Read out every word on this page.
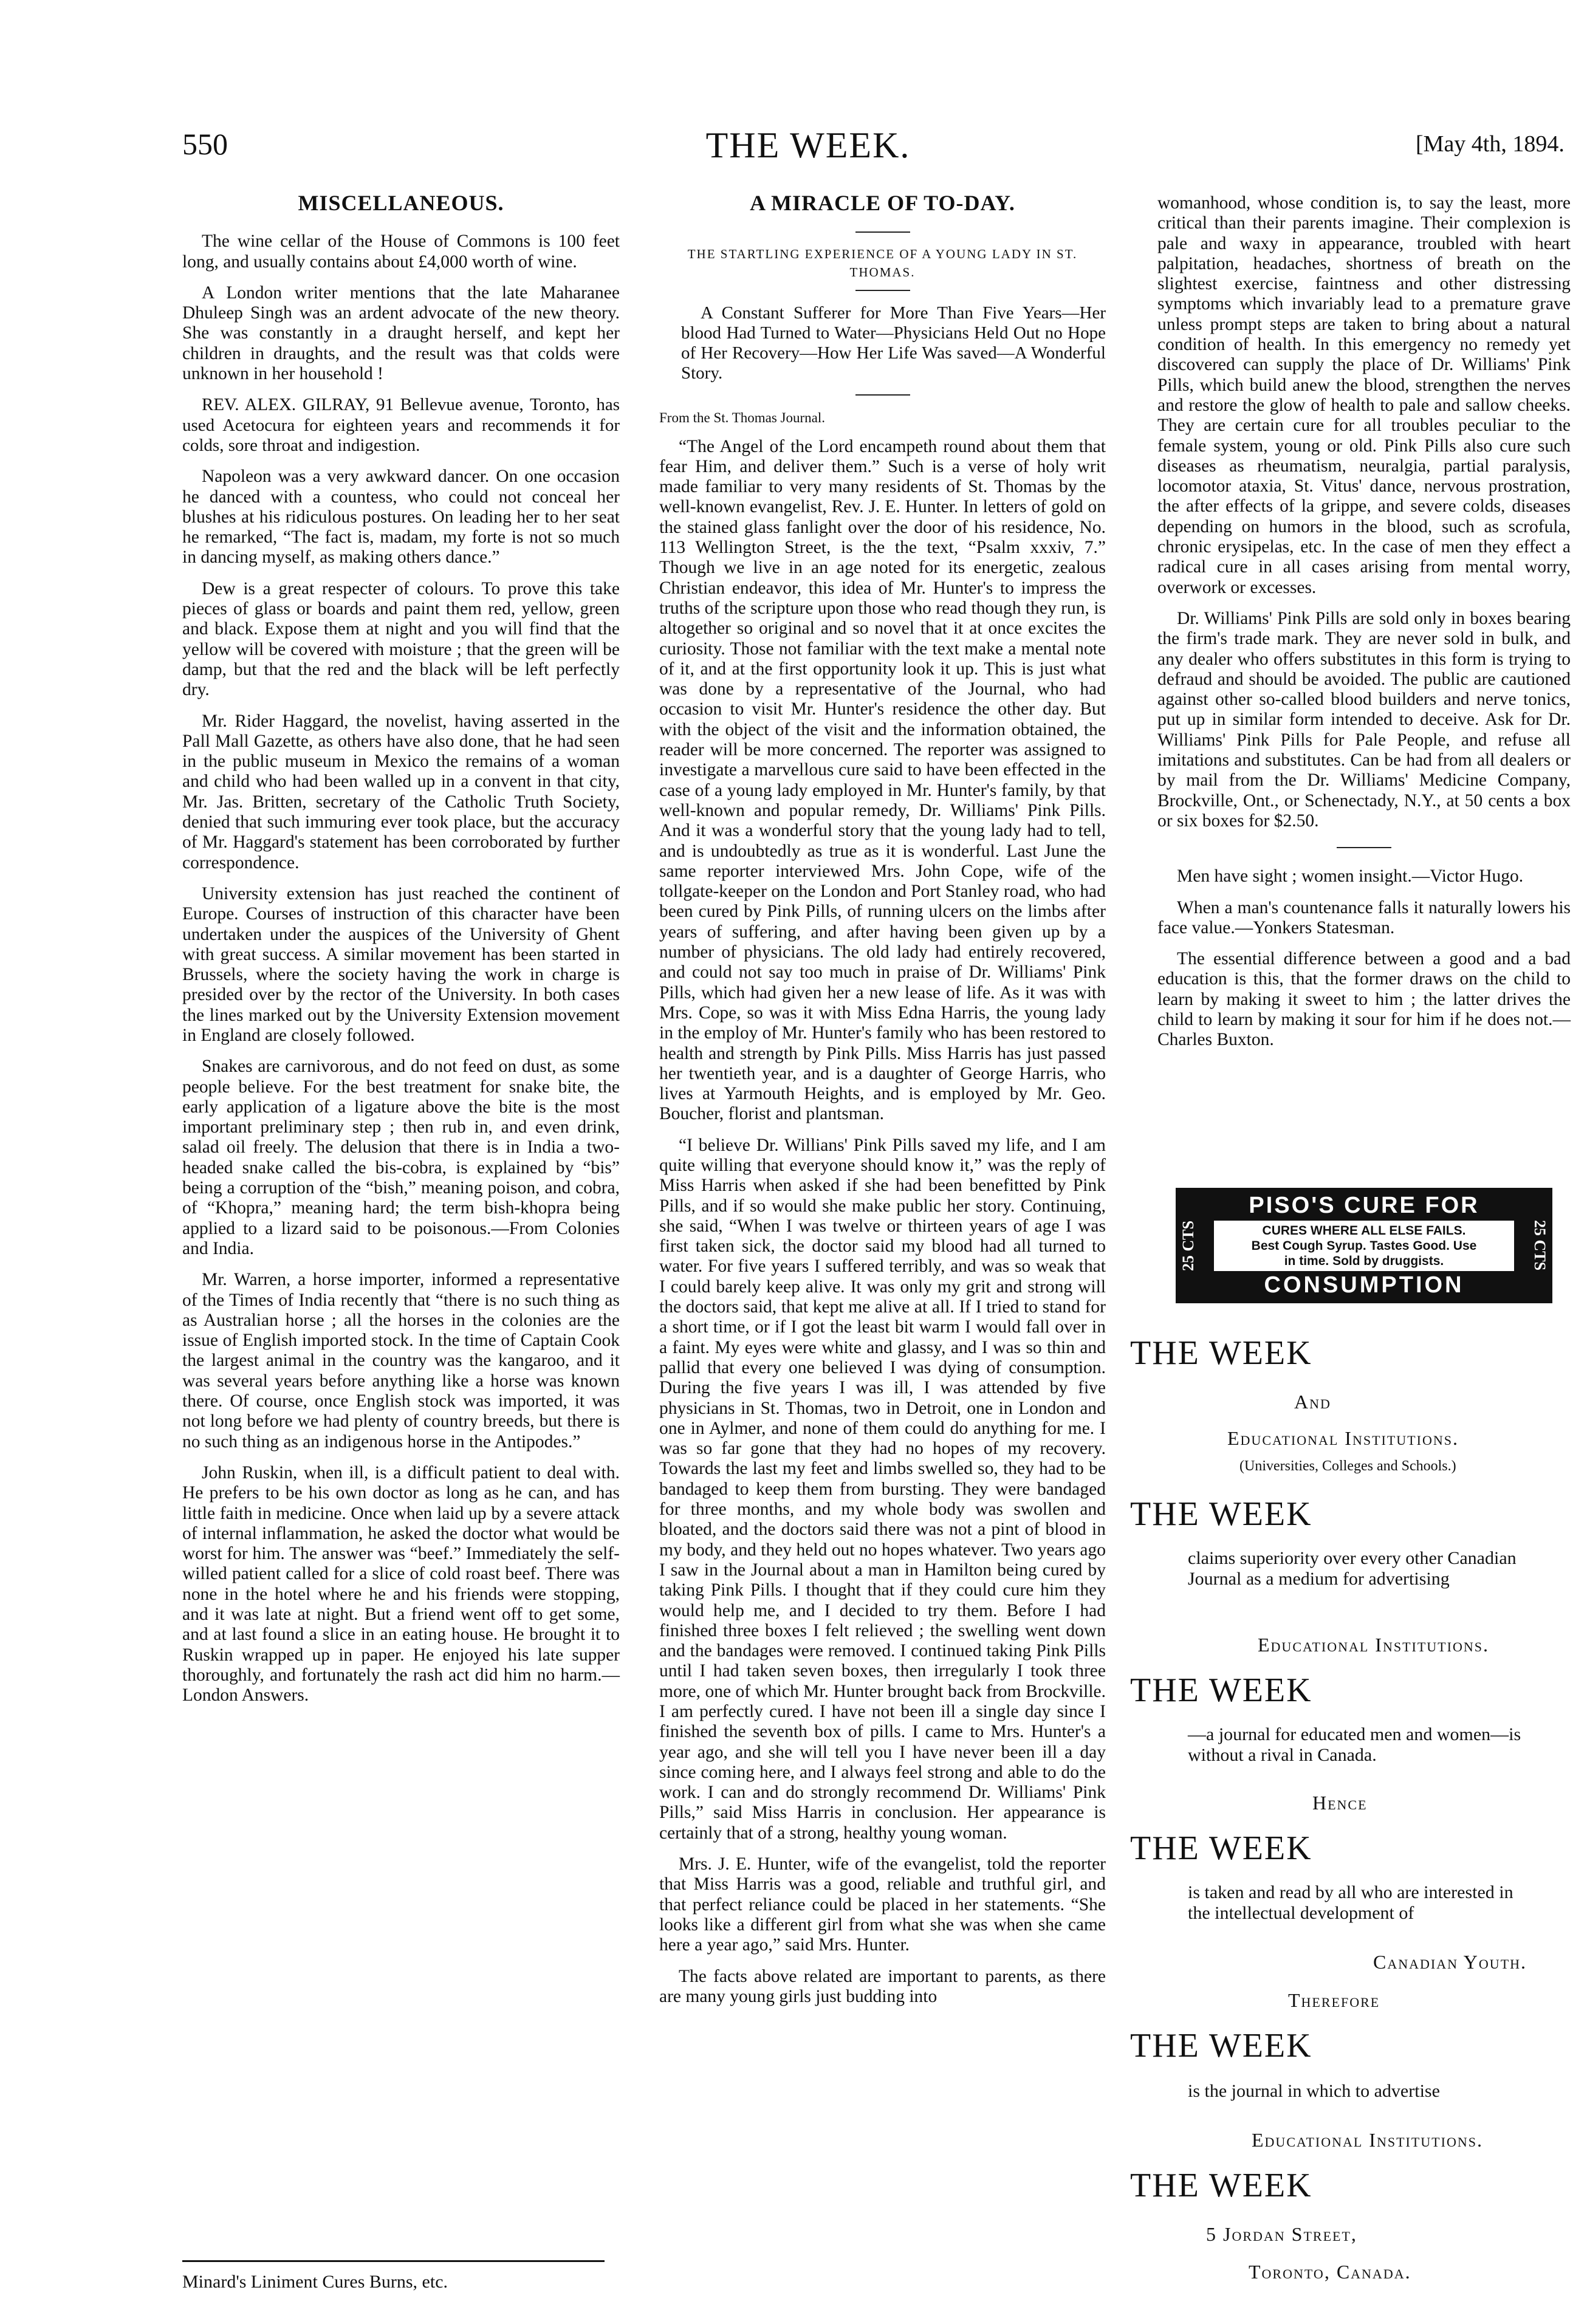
550	THE WEEK.	[May 4th, 1894.
MISCELLANEOUS.

The wine cellar of the House of Commons is 100 feet long, and usually contains about £4,000 worth of wine.

A London writer mentions that the late Maharanee Dhuleep Singh was an ardent advocate of the new theory. She was constantly in a draught herself, and kept her children in draughts, and the result was that colds were unknown in her household !

REV. ALEX. GILRAY, 91 Bellevue avenue, Toronto, has used Acetocura for eighteen years and recommends it for colds, sore throat and indigestion.

Napoleon was a very awkward dancer. On one occasion he danced with a countess, who could not conceal her blushes at his ridiculous postures. On leading her to her seat he remarked, “The fact is, madam, my forte is not so much in dancing myself, as making others dance.”

Dew is a great respecter of colours. To prove this take pieces of glass or boards and paint them red, yellow, green and black. Expose them at night and you will find that the yellow will be covered with moisture ; that the green will be damp, but that the red and the black will be left perfectly dry.

Mr. Rider Haggard, the novelist, having asserted in the Pall Mall Gazette, as others have also done, that he had seen in the public museum in Mexico the remains of a woman and child who had been walled up in a convent in that city, Mr. Jas. Britten, secretary of the Catholic Truth Society, denied that such immuring ever took place, but the accuracy of Mr. Haggard's statement has been corroborated by further correspondence.

University extension has just reached the continent of Europe. Courses of instruction of this character have been undertaken under the auspices of the University of Ghent with great success. A similar movement has been started in Brussels, where the society having the work in charge is presided over by the rector of the University. In both cases the lines marked out by the University Extension movement in England are closely followed.

Snakes are carnivorous, and do not feed on dust, as some people believe. For the best treatment for snake bite, the early application of a ligature above the bite is the most important preliminary step ; then rub in, and even drink, salad oil freely. The delusion that there is in India a two-headed snake called the bis-cobra, is explained by “bis” being a corruption of the “bish,” meaning poison, and cobra, of “Khopra,” meaning hard; the term bish-khopra being applied to a lizard said to be poisonous.—From Colonies and India.

Mr. Warren, a horse importer, informed a representative of the Times of India recently that “there is no such thing as as Australian horse ; all the horses in the colonies are the issue of English imported stock. In the time of Captain Cook the largest animal in the country was the kangaroo, and it was several years before anything like a horse was known there. Of course, once English stock was imported, it was not long before we had plenty of country breeds, but there is no such thing as an indigenous horse in the Antipodes.”

John Ruskin, when ill, is a difficult patient to deal with. He prefers to be his own doctor as long as he can, and has little faith in medicine. Once when laid up by a severe attack of internal inflammation, he asked the doctor what would be worst for him. The answer was “beef.” Immediately the self-willed patient called for a slice of cold roast beef. There was none in the hotel where he and his friends were stopping, and it was late at night. But a friend went off to get some, and at last found a slice in an eating house. He brought it to Ruskin wrapped up in paper. He enjoyed his late supper thoroughly, and fortunately the rash act did him no harm.—London Answers.

Minard's Liniment Cures Burns, etc.
A MIRACLE OF TO-DAY.
THE STARTLING EXPERIENCE OF A YOUNG LADY IN ST. THOMAS.

A Constant Sufferer for More Than Five Years—Her blood Had Turned to Water—Physicians Held Out no Hope of Her Recovery—How Her Life Was saved—A Wonderful Story.

From the St. Thomas Journal.

“The Angel of the Lord encampeth round about them that fear Him, and deliver them.” Such is a verse of holy writ made familiar to very many residents of St. Thomas by the well-known evangelist, Rev. J. E. Hunter. In letters of gold on the stained glass fanlight over the door of his residence, No. 113 Wellington Street, is the the text, “Psalm xxxiv, 7.” Though we live in an age noted for its energetic, zealous Christian endeavor, this idea of Mr. Hunter's to impress the truths of the scripture upon those who read though they run, is altogether so original and so novel that it at once excites the curiosity. Those not familiar with the text make a mental note of it, and at the first opportunity look it up. This is just what was done by a representative of the Journal, who had occasion to visit Mr. Hunter's residence the other day. But with the object of the visit and the information obtained, the reader will be more concerned. The reporter was assigned to investigate a marvellous cure said to have been effected in the case of a young lady employed in Mr. Hunter's family, by that well-known and popular remedy, Dr. Williams' Pink Pills. And it was a wonderful story that the young lady had to tell, and is undoubtedly as true as it is wonderful. Last June the same reporter interviewed Mrs. John Cope, wife of the tollgate-keeper on the London and Port Stanley road, who had been cured by Pink Pills, of running ulcers on the limbs after years of suffering, and after having been given up by a number of physicians. The old lady had entirely recovered, and could not say too much in praise of Dr. Williams' Pink Pills, which had given her a new lease of life. As it was with Mrs. Cope, so was it with Miss Edna Harris, the young lady in the employ of Mr. Hunter's family who has been restored to health and strength by Pink Pills. Miss Harris has just passed her twentieth year, and is a daughter of George Harris, who lives at Yarmouth Heights, and is employed by Mr. Geo. Boucher, florist and plantsman.

“I believe Dr. Willians' Pink Pills saved my life, and I am quite willing that everyone should know it,” was the reply of Miss Harris when asked if she had been benefitted by Pink Pills, and if so would she make public her story. Continuing, she said, “When I was twelve or thirteen years of age I was first taken sick, the doctor said my blood had all turned to water. For five years I suffered terribly, and was so weak that I could barely keep alive. It was only my grit and strong will the doctors said, that kept me alive at all. If I tried to stand for a short time, or if I got the least bit warm I would fall over in a faint. My eyes were white and glassy, and I was so thin and pallid that every one believed I was dying of consumption. During the five years I was ill, I was attended by five physicians in St. Thomas, two in Detroit, one in London and one in Aylmer, and none of them could do anything for me. I was so far gone that they had no hopes of my recovery. Towards the last my feet and limbs swelled so, they had to be bandaged to keep them from bursting. They were bandaged for three months, and my whole body was swollen and bloated, and the doctors said there was not a pint of blood in my body, and they held out no hopes whatever. Two years ago I saw in the Journal about a man in Hamilton being cured by taking Pink Pills. I thought that if they could cure him they would help me, and I decided to try them. Before I had finished three boxes I felt relieved ; the swelling went down and the bandages were removed. I continued taking Pink Pills until I had taken seven boxes, then irregularly I took three more, one of which Mr. Hunter brought back from Brockville. I am perfectly cured. I have not been ill a single day since I finished the seventh box of pills. I came to Mrs. Hunter's a year ago, and she will tell you I have never been ill a day since coming here, and I always feel strong and able to do the work. I can and do strongly recommend Dr. Williams' Pink Pills,” said Miss Harris in conclusion. Her appearance is certainly that of a strong, healthy young woman.

Mrs. J. E. Hunter, wife of the evangelist, told the reporter that Miss Harris was a good, reliable and truthful girl, and that perfect reliance could be placed in her statements. “She looks like a different girl from what she was when she came here a year ago,” said Mrs. Hunter.

The facts above related are important to parents, as there are many young girls just budding into

womanhood, whose condition is, to say the least, more critical than their parents imagine. Their complexion is pale and waxy in appearance, troubled with heart palpitation, headaches, shortness of breath on the slightest exercise, faintness and other distressing symptoms which invariably lead to a premature grave unless prompt steps are taken to bring about a natural condition of health. In this emergency no remedy yet discovered can supply the place of Dr. Williams' Pink Pills, which build anew the blood, strengthen the nerves and restore the glow of health to pale and sallow cheeks. They are certain cure for all troubles peculiar to the female system, young or old. Pink Pills also cure such diseases as rheumatism, neuralgia, partial paralysis, locomotor ataxia, St. Vitus' dance, nervous prostration, the after effects of la grippe, and severe colds, diseases depending on humors in the blood, such as scrofula, chronic erysipelas, etc. In the case of men they effect a radical cure in all cases arising from mental worry, overwork or excesses.

Dr. Williams' Pink Pills are sold only in boxes bearing the firm's trade mark. They are never sold in bulk, and any dealer who offers substitutes in this form is trying to defraud and should be avoided. The public are cautioned against other so-called blood builders and nerve tonics, put up in similar form intended to deceive. Ask for Dr. Williams' Pink Pills for Pale People, and refuse all imitations and substitutes. Can be had from all dealers or by mail from the Dr. Williams' Medicine Company, Brockville, Ont., or Schenectady, N.Y., at 50 cents a box or six boxes for $2.50.

Men have sight ; women insight.—Victor Hugo.

When a man's countenance falls it naturally lowers his face value.—Yonkers Statesman.

The essential difference between a good and a bad education is this, that the former draws on the child to learn by making it sweet to him ; the latter drives the child to learn by making it sour for him if he does not.—Charles Buxton.

25 CTS
PISO'S CURE FOR
CURES WHERE ALL ELSE FAILS.
Best Cough Syrup. Tastes Good. Use
in time. Sold by druggists.
CONSUMPTION
25 CTS
THE WEEK
And
Educational Institutions.
(Universities, Colleges and Schools.)
THE WEEK
claims superiority over every other Canadian Journal as a medium for advertising
Educational Institutions.
THE WEEK
—a journal for educated men and women—is without a rival in Canada.
Hence
THE WEEK
is taken and read by all who are interested in the intellectual development of
Canadian Youth.
Therefore
THE WEEK
is the journal in which to advertise
Educational Institutions.
THE WEEK
5 Jordan Street,
Toronto, Canada.
